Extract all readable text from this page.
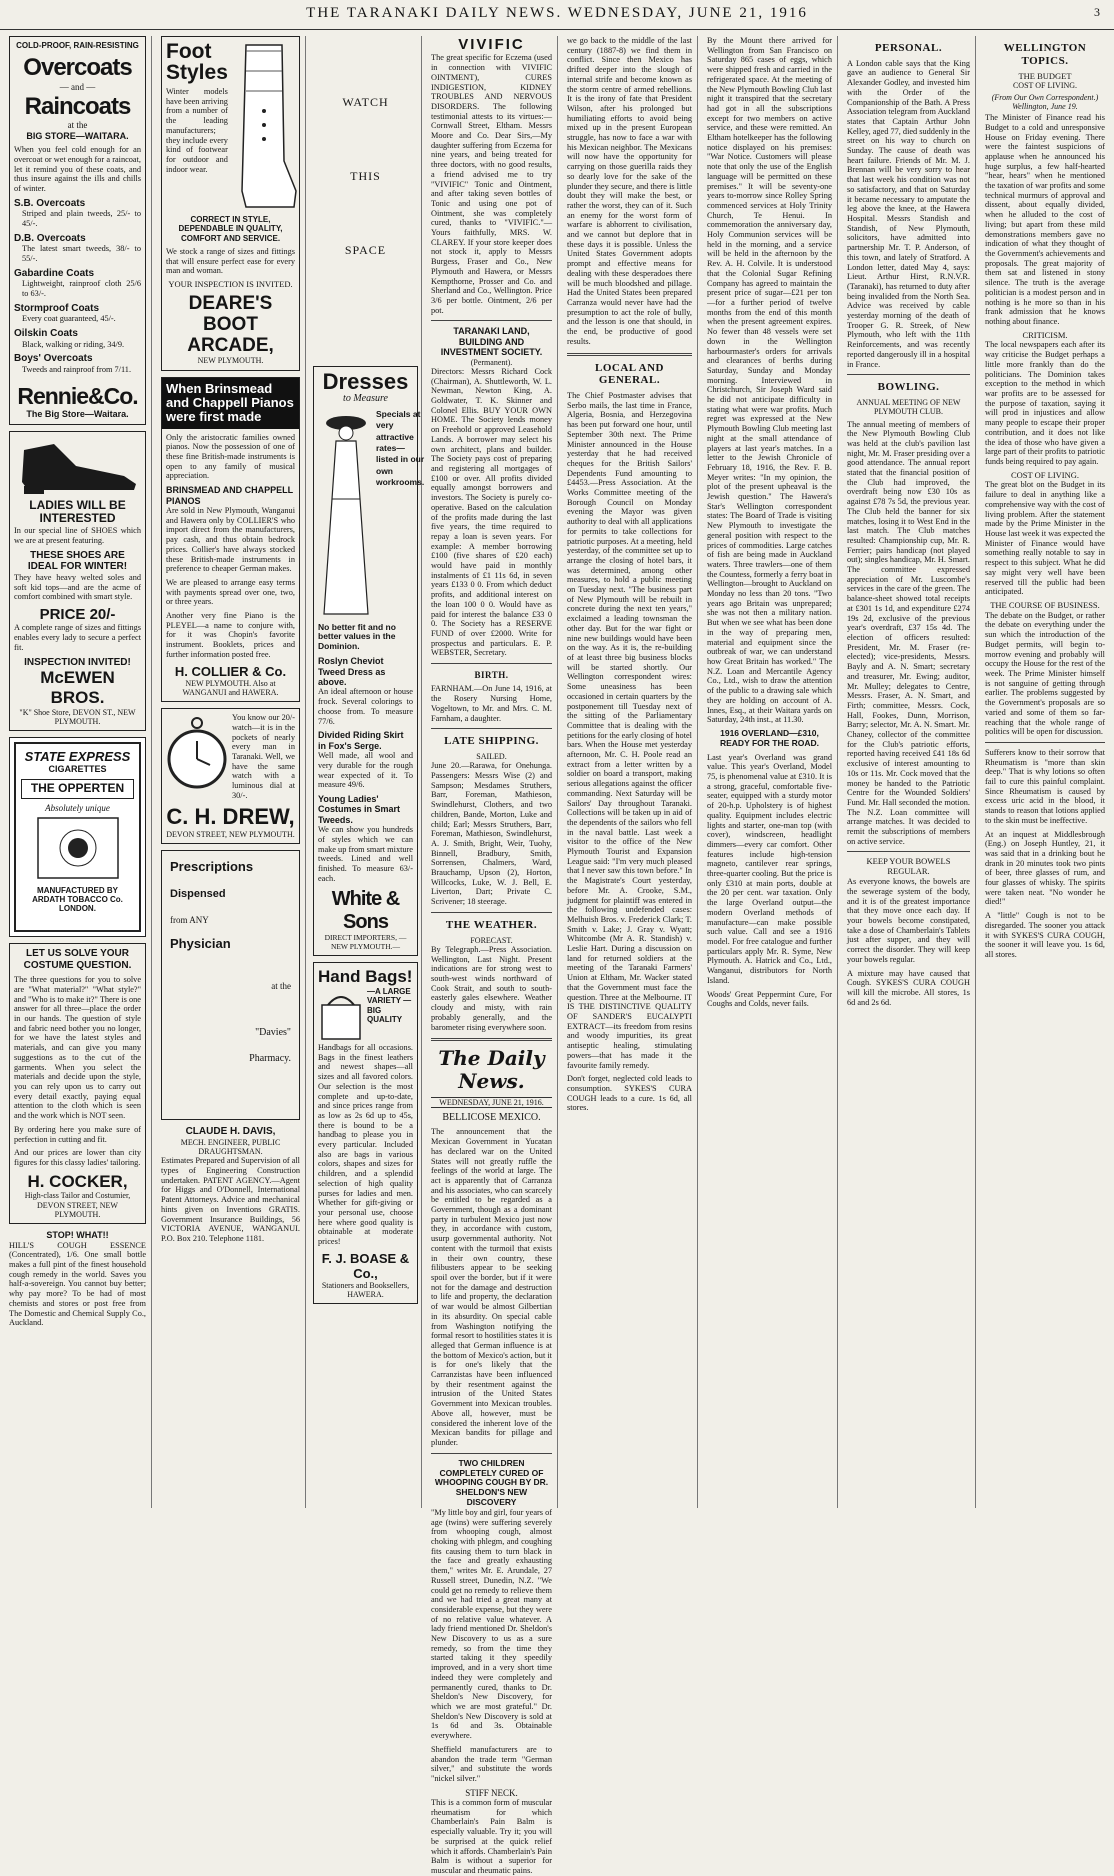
THE TARANAKI DAILY NEWS. WEDNESDAY, JUNE 21, 1916	3
COLD-PROOF, RAIN-RESISTING
Overcoats
— and —
Raincoats
at the
BIG STORE—WAITARA.
When you feel cold enough for an overcoat or wet enough for a raincoat, let it remind you of these coats, and thus insure against the ills and chills of winter.
S.B. Overcoats
Striped and plain tweeds, 25/- to 45/-.
D.B. Overcoats
The latest smart tweeds, 38/- to 55/-.
Gabardine Coats
Lightweight, rainproof cloth 25/6 to 63/-.
Stormproof Coats
Every coat guaranteed, 45/-.
Oilskin Coats
Black, walking or riding, 34/9.
Boys' Overcoats
Tweeds and rainproof from 7/11.
Rennie&Co.
The Big Store—Waitara.
LADIES WILL BE INTERESTED
In our special line of SHOES which we are at present featuring.
THESE SHOES ARE IDEAL FOR WINTER!
They have heavy welted soles and soft kid tops—and are the acme of comfort combined with smart style.
PRICE 20/-
A complete range of sizes and fittings enables every lady to secure a perfect fit.
INSPECTION INVITED!
McEWEN BROS.
"K" Shoe Store, DEVON ST., NEW PLYMOUTH.
STATE EXPRESS
CIGARETTES
THE OPPERTEN
Absolutely unique
MANUFACTURED BY ARDATH TOBACCO Co. LONDON.
LET US SOLVE YOUR COSTUME QUESTION.
The three questions for you to solve are "What material?" "What style?" and "Who is to make it?" There is one answer for all three—place the order in our hands. The question of style and fabric need bother you no longer, for we have the latest styles and materials, and can give you many suggestions as to the cut of the garments. When you select the materials and decide upon the style, you can rely upon us to carry out every detail exactly, paying equal attention to the cloth which is seen and the work which is NOT seen.
By ordering here you make sure of perfection in cutting and fit.
And our prices are lower than city figures for this classy ladies' tailoring.
H. COCKER,
High-class Tailor and Costumier, DEVON STREET, NEW PLYMOUTH.
STOP! WHAT!!
HILL'S COUGH ESSENCE (Concentrated), 1/6. One small bottle makes a full pint of the finest household cough remedy in the world. Saves you half-a-sovereign. You cannot buy better; why pay more? To be had of most chemists and stores or post free from The Domestic and Chemical Supply Co., Auckland.
Foot Styles
Winter models have been arriving from a number of the leading manufacturers; they include every kind of footwear for outdoor and indoor wear.
CORRECT IN STYLE, DEPENDABLE IN QUALITY, COMFORT AND SERVICE.
We stock a range of sizes and fittings that will ensure perfect ease for every man and woman.
YOUR INSPECTION IS INVITED.
DEARE'S BOOT ARCADE,
NEW PLYMOUTH.
When Brinsmead and Chappell Pianos were first made
Only the aristocratic families owned pianos. Now the possession of one of these fine British-made instruments is open to any family of musical appreciation.
BRINSMEAD AND CHAPPELL PIANOS
Are sold in New Plymouth, Wanganui and Hawera only by COLLIER'S who import direct from the manufacturers, pay cash, and thus obtain bedrock prices. Collier's have always stocked these British-made instruments in preference to cheaper German makes.
We are pleased to arrange easy terms with payments spread over one, two, or three years.
Another very fine Piano is the PLEYEL—a name to conjure with, for it was Chopin's favorite instrument. Booklets, prices and further information posted free.
H. COLLIER & Co.
NEW PLYMOUTH. Also at WANGANUI and HAWERA.
You know our 20/- watch—it is in the pockets of nearly every man in Taranaki. Well, we have the same watch with a luminous dial at 30/-.
C. H. DREW,
DEVON STREET, NEW PLYMOUTH.
Prescriptions
Dispensed
from ANY
Physician
at the
"Davies"
Pharmacy.
CLAUDE H. DAVIS,
MECH. ENGINEER, PUBLIC DRAUGHTSMAN.
Estimates Prepared and Supervision of all types of Engineering Construction undertaken. PATENT AGENCY.—Agent for Higgs and O'Donnell, International Patent Attorneys. Advice and mechanical hints given on Inventions GRATIS. Government Insurance Buildings, 56 VICTORIA AVENUE, WANGANUI. P.O. Box 210. Telephone 1181.
WATCH
THIS
SPACE
Dresses
to Measure
Specials at very attractive rates—listed in our own workrooms.
No better fit and no better values in the Dominion.
Roslyn Cheviot Tweed Dress as above.
An ideal afternoon or house frock. Several colorings to choose from. To measure 77/6.
Divided Riding Skirt in Fox's Serge.
Well made, all wool and very durable for the rough wear expected of it. To measure 49/6.
Young Ladies' Costumes in Smart Tweeds.
We can show you hundreds of styles which we can make up from smart mixture tweeds. Lined and well finished. To measure 63/- each.
White & Sons
DIRECT IMPORTERS, —NEW PLYMOUTH.—
Hand Bags!
—A LARGE VARIETY —BIG QUALITY
Handbags for all occasions. Bags in the finest leathers and newest shapes—all sizes and all favored colors. Our selection is the most complete and up-to-date, and since prices range from as low as 2s 6d up to 45s, there is bound to be a handbag to please you in every particular. Included also are bags in various colors, shapes and sizes for children, and a splendid selection of high quality purses for ladies and men. Whether for gift-giving or your personal use, choose here where good quality is obtainable at moderate prices!
F. J. BOASE & Co.,
Stationers and Booksellers, HAWERA.
VIVIFIC
The great specific for Eczema (used in connection with VIVIFIC OINTMENT), CURES INDIGESTION, KIDNEY TROUBLES AND NERVOUS DISORDERS. The following testimonial attests to its virtues:— Cornwall Street, Eltham. Messrs Moore and Co. Dear Sirs,—My daughter suffering from Eczema for nine years, and being treated for three doctors, with no good results, a friend advised me to try "VIVIFIC" Tonic and Ointment, and after taking seven bottles of Tonic and using one pot of Ointment, she was completely cured, thanks to "VIVIFIC."—Yours faithfully, MRS. W. CLAREY. If your store keeper does not stock it, apply to Messrs Burgess, Fraser and Co., New Plymouth and Hawera, or Messrs Kempthorne, Prosser and Co. and Sherland and Co., Wellington. Price 3/6 per bottle. Ointment, 2/6 per pot.
TARANAKI LAND, BUILDING AND INVESTMENT SOCIETY.
(Permanent).
Directors: Messrs Richard Cock (Chairman), A. Shuttleworth, W. L. Newman, Newton King, A. Goldwater, T. K. Skinner and Colonel Ellis. BUY YOUR OWN HOME. The Society lends money on Freehold or approved Leasehold Lands. A borrower may select his own architect, plans and builder. The Society pays cost of preparing and registering all mortgages of £100 or over. All profits divided equally amongst borrowers and investors. The Society is purely co-operative. Based on the calculation of the profits made during the last five years, the time required to repay a loan is seven years. For example: A member borrowing £100 (five shares of £20 each) would have paid in monthly instalments of £1 11s 6d, in seven years £133 0 0. From which deduct profits, and additional interest on the loan 100 0 0. Would have as paid for interest the balance £33 0 0. The Society has a RESERVE FUND of over £2000. Write for prospectus and particulars. E. P. WEBSTER, Secretary.
BIRTH.
FARNHAM.—On June 14, 1916, at the Rosery Nursing Home, Vogeltown, to Mr. and Mrs. C. M. Farnham, a daughter.
LATE SHIPPING.
SAILED.
June 20.—Rarawa, for Onehunga. Passengers: Messrs Wise (2) and Sampson; Mesdames Struthers, Barr, Foreman, Mathieson, Swindlehurst, Clothers, and two children, Bande, Morton, Luke and child; Earl; Messrs Struthers, Barr, Foreman, Mathieson, Swindlehurst, A. J. Smith, Bright, Weir, Tuohy, Binnell, Bradbury, Smith, Sorrensen, Chalmers, Ward, Brauchamp, Upson (2), Horton, Willcocks, Luke, W. J. Bell, E. Liverton, Dart; Private C. Scrivener; 18 steerage.
THE WEATHER.
FORECAST.
By Telegraph.—Press Association. Wellington, Last Night. Present indications are for strong west to south-west winds northward of Cook Strait, and south to south-easterly gales elsewhere. Weather cloudy and misty, with rain probably generally, and the barometer rising everywhere soon.
The Daily News.
WEDNESDAY, JUNE 21, 1916.
BELLICOSE MEXICO.
The announcement that the Mexican Government in Yucatan has declared war on the United States will not greatly ruffle the feelings of the world at large. The act is apparently that of Carranza and his associates, who can scarcely be entitled to be regarded as a Government, though as a dominant party in turbulent Mexico just now they, in accordance with custom, usurp governmental authority. Not content with the turmoil that exists in their own country, these filibusters appear to be seeking spoil over the border, but if it were not for the damage and destruction to life and property, the declaration of war would be almost Gilbertian in its absurdity. On special cable from Washington notifying the formal resort to hostilities states it is alleged that German influence is at the bottom of Mexico's action, but it is for one's likely that the Carranzistas have been influenced by their resentment against the intrusion of the United States Government into Mexican troubles. Above all, however, must be considered the inherent love of the Mexican bandits for pillage and plunder.
TWO CHILDREN COMPLETELY CURED OF WHOOPING COUGH BY DR. SHELDON'S NEW DISCOVERY
"My little boy and girl, four years of age (twins) were suffering severely from whooping cough, almost choking with phlegm, and coughing fits causing them to turn black in the face and greatly exhausting them," writes Mr. E. Arundale, 27 Russell street, Dunedin, N.Z. "We could get no remedy to relieve them and we had tried a great many at considerable expense, but they were of no relative value whatever. A lady friend mentioned Dr. Sheldon's New Discovery to us as a sure remedy, so from the time they started taking it they speedily improved, and in a very short time indeed they were completely and permanently cured, thanks to Dr. Sheldon's New Discovery, for which we are most grateful." Dr. Sheldon's New Discovery is sold at 1s 6d and 3s. Obtainable everywhere.
Sheffield manufacturers are to abandon the trade term "German silver," and substitute the words "nickel silver."
STIFF NECK.
This is a common form of muscular rheumatism for which Chamberlain's Pain Balm is especially valuable. Try it; you will be surprised at the quick relief which it affords. Chamberlain's Pain Balm is without a superior for muscular and rheumatic pains.
we go back to the middle of the last century (1887-8) we find them in conflict. Since then Mexico has drifted deeper into the slough of internal strife and become known as the storm centre of armed rebellions. It is the irony of fate that President Wilson, after his prolonged but humiliating efforts to avoid being mixed up in the present European struggle, has now to face a war with his Mexican neighbor. The Mexicans will now have the opportunity for carrying on those guerilla raids they so dearly love for the sake of the plunder they secure, and there is little doubt they will make the best, or rather the worst, they can of it. Such an enemy for the worst form of warfare is abhorrent to civilisation, and we cannot but deplore that in these days it is possible. Unless the United States Government adopts prompt and effective means for dealing with these desperadoes there will be much bloodshed and pillage. Had the United States been prepared Carranza would never have had the presumption to act the role of bully, and the lesson is one that should, in the end, be productive of good results.
LOCAL AND GENERAL.
The Chief Postmaster advises that Serbo mails, the last time in France, Algeria, Bosnia, and Herzegovina has been put forward one hour, until September 30th next. The Prime Minister announced in the House yesterday that he had received cheques for the British Sailors' Dependents Fund amounting to £4453.—Press Association. At the Works Committee meeting of the Borough Council on Monday evening the Mayor was given authority to deal with all applications for permits to take collections for patriotic purposes. At a meeting, held yesterday, of the committee set up to arrange the closing of hotel bars, it was determined, among other measures, to hold a public meeting on Tuesday next. "The business part of New Plymouth will be rebuilt in concrete during the next ten years," exclaimed a leading townsman the other day. But for the war fight or nine new buildings would have been on the way. As it is, the re-building of at least three big business blocks will be started shortly. Our Wellington correspondent wires: Some uneasiness has been occasioned in certain quarters by the postponement till Tuesday next of the sitting of the Parliamentary Committee that is dealing with the petitions for the early closing of hotel bars. When the House met yesterday afternoon, Mr. C. H. Poole read an extract from a letter written by a soldier on board a transport, making serious allegations against the officer commanding. Next Saturday will be Sailors' Day throughout Taranaki. Collections will be taken up in aid of the dependents of the sailors who fell in the naval battle. Last week a visitor to the office of the New Plymouth Tourist and Expansion League said: "I'm very much pleased that I never saw this town before." In the Magistrate's Court yesterday, before Mr. A. Crooke, S.M., judgment for plaintiff was entered in the following undefended cases: Melhuish Bros. v. Frederick Clark; T. Smith v. Lake; J. Gray v. Wyatt; Whitcombe (Mr A. R. Standish) v. Leslie Hart. During a discussion on land for returned soldiers at the meeting of the Taranaki Farmers' Union at Eltham, Mr. Wacker stated that the Government must face the question. Three at the Melbourne. IT IS THE DISTINCTIVE QUALITY OF SANDER'S EUCALYPTI EXTRACT—its freedom from resins and woody impurities, its great antiseptic healing, stimulating powers—that has made it the favourite family remedy.
Don't forget, neglected cold leads to consumption. SYKES'S CURA COUGH leads to a cure. 1s 6d, all stores.
By the Mount there arrived for Wellington from San Francisco on Saturday 865 cases of eggs, which were shipped fresh and carried in the refrigerated space. At the meeting of the New Plymouth Bowling Club last night it transpired that the secretary had got in all the subscriptions except for two members on active service, and these were remitted. An Eltham hotelkeeper has the following notice displayed on his premises: "War Notice. Customers will please note that only the use of the English language will be permitted on these premises." It will be seventy-one years to-morrow since Rolley Spring commenced services at Holy Trinity Church, Te Henui. In commemoration the anniversary day, Holy Communion services will be held in the morning, and a service will be held in the afternoon by the Rev. A. H. Colvile. It is understood that the Colonial Sugar Refining Company has agreed to maintain the present price of sugar—£21 per ton—for a further period of twelve months from the end of this month when the present agreement expires. No fewer than 48 vessels were set down in the Wellington harbourmaster's orders for arrivals and clearances of berths during Saturday, Sunday and Monday morning. Interviewed in Christchurch, Sir Joseph Ward said he did not anticipate difficulty in stating what were war profits. Much regret was expressed at the New Plymouth Bowling Club meeting last night at the small attendance of players at last year's matches. In a letter to the Jewish Chronicle of February 18, 1916, the Rev. F. B. Meyer writes: "In my opinion, the plot of the present upheaval is the Jewish question." The Hawera's Star's Wellington correspondent states: The Board of Trade is visiting New Plymouth to investigate the general position with respect to the prices of commodities. Large catches of fish are being made in Auckland waters. Three trawlers—one of them the Countess, formerly a ferry boat in Wellington—brought to Auckland on Monday no less than 20 tons. "Two years ago Britain was unprepared; she was not then a military nation. But when we see what has been done in the way of preparing men, material and equipment since the outbreak of war, we can understand how Great Britain has worked." The N.Z. Loan and Mercantile Agency Co., Ltd., wish to draw the attention of the public to a drawing sale which they are holding on account of A. Innes, Esq., at their Waitara yards on Saturday, 24th inst., at 11.30.
1916 OVERLAND—£310, READY FOR THE ROAD.
Last year's Overland was grand value. This year's Overland, Model 75, is phenomenal value at £310. It is a strong, graceful, comfortable five-seater, equipped with a sturdy motor of 20-h.p. Upholstery is of highest quality. Equipment includes electric lights and starter, one-man top (with cover), windscreen, headlight dimmers—every car comfort. Other features include high-tension magneto, cantilever rear springs, three-quarter cooling. But the price is only £310 at main ports, double at the 20 per cent. war taxation. Only the large Overland output—the modern Overland methods of manufacture—can make possible such value. Call and see a 1916 model. For free catalogue and further particulars apply Mr. R. Syme, New Plymouth. A. Hatrick and Co., Ltd., Wanganui, distributors for North Island.
Woods' Great Peppermint Cure, For Coughs and Colds, never fails.
PERSONAL.
A London cable says that the King gave an audience to General Sir Alexander Godley, and invested him with the Order of the Companionship of the Bath. A Press Association telegram from Auckland states that Captain Arthur John Kelley, aged 77, died suddenly in the street on his way to church on Sunday. The cause of death was heart failure. Friends of Mr. M. J. Brennan will be very sorry to hear that last week his condition was not so satisfactory, and that on Saturday it became necessary to amputate the leg above the knee, at the Hawera Hospital. Messrs Standish and Standish, of New Plymouth, solicitors, have admitted into partnership Mr. T. P. Anderson, of this town, and lately of Stratford. A London letter, dated May 4, says: Lieut. Arthur Hirst, R.N.V.R. (Taranaki), has returned to duty after being invalided from the North Sea. Advice was received by cable yesterday morning of the death of Trooper G. R. Streek, of New Plymouth, who left with the 11th Reinforcements, and was recently reported dangerously ill in a hospital in France.
BOWLING.
ANNUAL MEETING OF NEW PLYMOUTH CLUB.
The annual meeting of members of the New Plymouth Bowling Club was held at the club's pavilion last night, Mr. M. Fraser presiding over a good attendance. The annual report stated that the financial position of the Club had improved, the overdraft being now £30 10s as against £78 7s 5d, the previous year. The Club held the banner for six matches, losing it to West End in the last match. The Club matches resulted: Championship cup, Mr. R. Ferrier; pairs handicap (not played out); singles handicap, Mr. H. Smart. The committee expressed appreciation of Mr. Luscombe's services in the care of the green. The balance-sheet showed total receipts at £301 1s 1d, and expenditure £274 19s 2d, exclusive of the previous year's overdraft, £37 15s 4d. The election of officers resulted: President, Mr. M. Fraser (re-elected); vice-presidents, Messrs. Bayly and A. N. Smart; secretary and treasurer, Mr. Ewing; auditor, Mr. Mulley; delegates to Centre, Messrs. Fraser, A. N. Smart, and Firth; committee, Messrs. Cock, Hall, Fookes, Dunn, Morrison, Barry; selector, Mr. A. N. Smart. Mr. Chaney, collector of the committee for the Club's patriotic efforts, reported having received £41 18s 6d exclusive of interest amounting to 10s or 11s. Mr. Cock moved that the money be handed to the Patriotic Centre for the Wounded Soldiers' Fund. Mr. Hall seconded the motion. The N.Z. Loan committee will arrange matches. It was decided to remit the subscriptions of members on active service.
KEEP YOUR BOWELS REGULAR.
As everyone knows, the bowels are the sewerage system of the body, and it is of the greatest importance that they move once each day. If your bowels become constipated, take a dose of Chamberlain's Tablets just after supper, and they will correct the disorder. They will keep your bowels regular.
A mixture may have caused that Cough. SYKES'S CURA COUGH will kill the microbe. All stores, 1s 6d and 2s 6d.
WELLINGTON TOPICS.
THE BUDGET
COST OF LIVING.
(From Our Own Correspondent.) Wellington, June 19.
The Minister of Finance read his Budget to a cold and unresponsive House on Friday evening. There were the faintest suspicions of applause when he announced his huge surplus, a few half-hearted "hear, hears" when he mentioned the taxation of war profits and some technical murmurs of approval and dissent, about equally divided, when he alluded to the cost of living; but apart from these mild demonstrations members gave no indication of what they thought of the Government's achievements and proposals. The great majority of them sat and listened in stony silence. The truth is the average politician is a modest person and in nothing is he more so than in his frank admission that he knows nothing about finance.
CRITICISM.
The local newspapers each after its way criticise the Budget perhaps a little more frankly than do the politicians. The Dominion takes exception to the method in which war profits are to be assessed for the purpose of taxation, saying it will prod in injustices and allow many people to escape their proper contribution, and it does not like the idea of those who have given a large part of their profits to patriotic funds being required to pay again.
COST OF LIVING.
The great blot on the Budget in its failure to deal in anything like a comprehensive way with the cost of living problem. After the statement made by the Prime Minister in the House last week it was expected the Minister of Finance would have something really notable to say in respect to this subject. What he did say might very well have been reserved till the public had been anticipated.
THE COURSE OF BUSINESS.
The debate on the Budget, or rather the debate on everything under the sun which the introduction of the Budget permits, will begin to-morrow evening and probably will occupy the House for the rest of the week. The Prime Minister himself is not sanguine of getting through earlier. The problems suggested by the Government's proposals are so varied and some of them so far-reaching that the whole range of politics will be open for discussion.
Sufferers know to their sorrow that Rheumatism is "more than skin deep." That is why lotions so often fail to cure this painful complaint. Since Rheumatism is caused by excess uric acid in the blood, it stands to reason that lotions applied to the skin must be ineffective.
At an inquest at Middlesbrough (Eng.) on Joseph Huntley, 21, it was said that in a drinking bout he drank in 20 minutes took two pints of beer, three glasses of rum, and four glasses of whisky. The spirits were taken neat. "No wonder he died!"
A "little" Cough is not to be disregarded. The sooner you attack it with SYKES'S CURA COUGH, the sooner it will leave you. 1s 6d, all stores.
